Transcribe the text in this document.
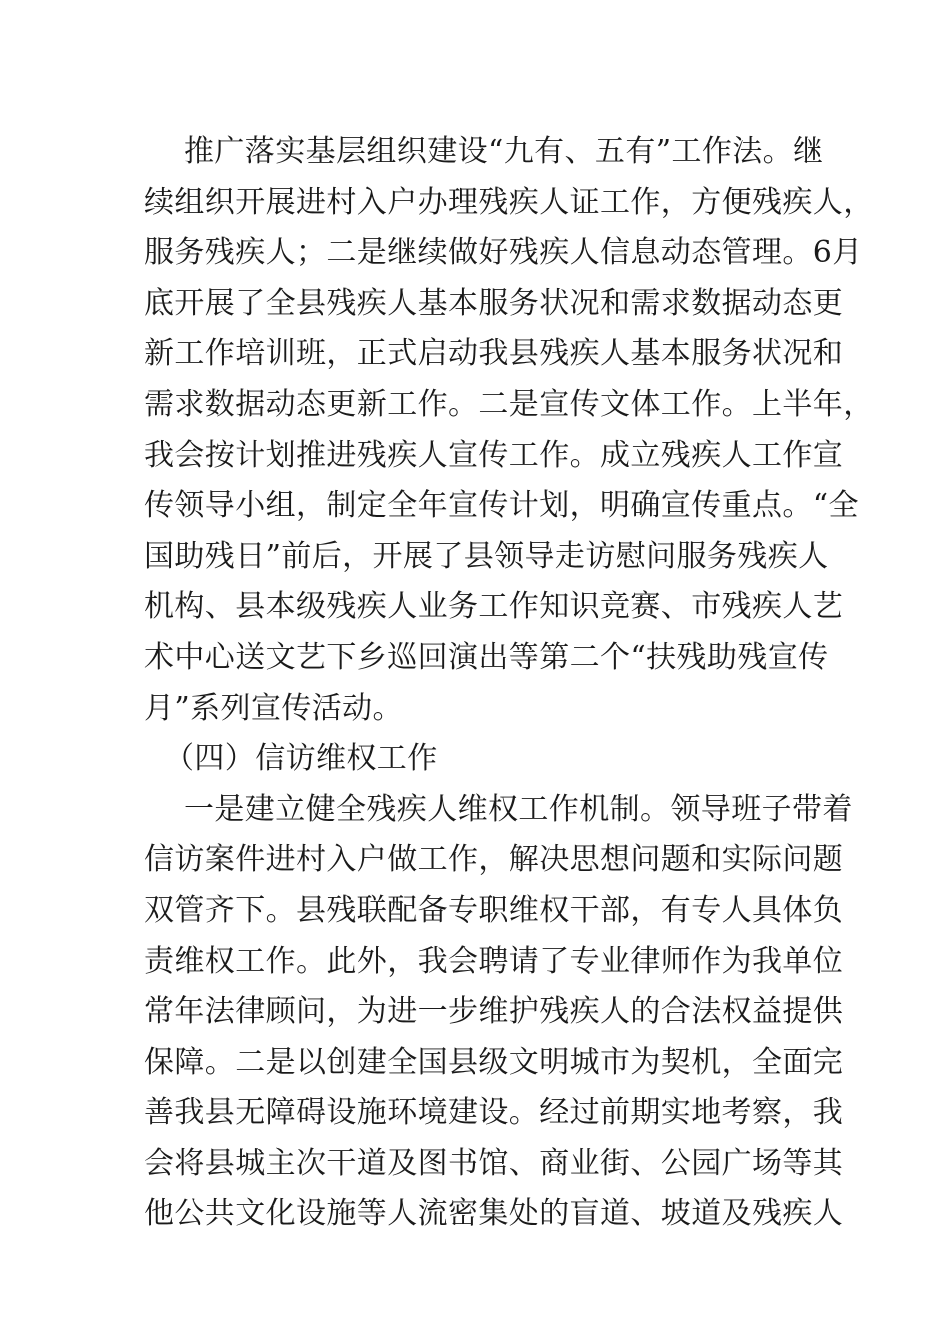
推广落实基层组织建设“九有、五有”工作法。继
续组织开展进村入户办理残疾人证工作，方便残疾人，
服务残疾人；二是继续做好残疾人信息动态管理。6月
底开展了全县残疾人基本服务状况和需求数据动态更
新工作培训班，正式启动我县残疾人基本服务状况和
需求数据动态更新工作。二是宣传文体工作。上半年，
我会按计划推进残疾人宣传工作。成立残疾人工作宣
传领导小组，制定全年宣传计划，明确宣传重点。“全
国助残日”前后，开展了县领导走访慰问服务残疾人
机构、县本级残疾人业务工作知识竞赛、市残疾人艺
术中心送文艺下乡巡回演出等第二个“扶残助残宣传
月”系列宣传活动。
（四）信访维权工作
一是建立健全残疾人维权工作机制。领导班子带着
信访案件进村入户做工作，解决思想问题和实际问题
双管齐下。县残联配备专职维权干部，有专人具体负
责维权工作。此外，我会聘请了专业律师作为我单位
常年法律顾问，为进一步维护残疾人的合法权益提供
保障。二是以创建全国县级文明城市为契机，全面完
善我县无障碍设施环境建设。经过前期实地考察，我
会将县城主次干道及图书馆、商业街、公园广场等其
他公共文化设施等人流密集处的盲道、坡道及残疾人
